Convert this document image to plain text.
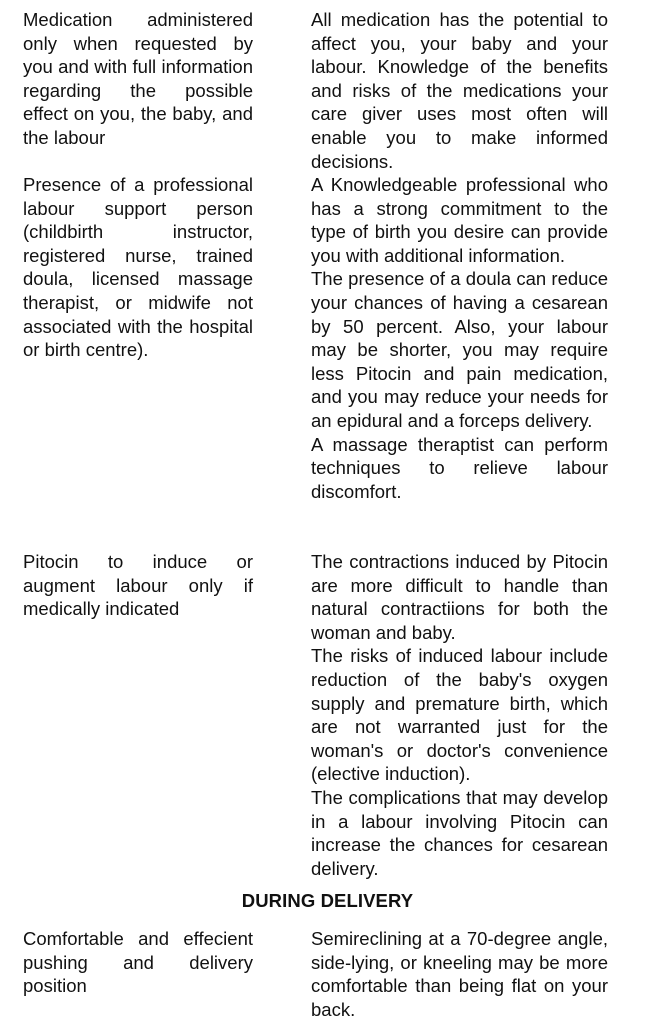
Medication administered only when requested by you and with full information regarding the possible effect on you, the baby, and the labour

All medication has the potential to affect you, your baby and your labour. Knowledge of the benefits and risks of the medications your care giver uses most often will enable you to make informed decisions.

Presence of a professional labour support person (childbirth instructor, registered nurse, trained doula, licensed massage therapist, or midwife not associated with the hospital or birth centre).

A Knowledgeable professional who has a strong commitment to the type of birth you desire can provide you with additional information.

The presence of a doula can reduce your chances of having a cesarean by 50 percent. Also, your labour may be shorter, you may require less Pitocin and pain medication, and you may reduce your needs for an epidural and a forceps delivery.

A massage theraptist can perform techniques to relieve labour discomfort.

Pitocin to induce or augment labour only if medically indicated

The contractions induced by Pitocin are more difficult to handle than natural contractiions for both the woman and baby.

The risks of induced labour include reduction of the baby's oxygen supply and premature birth, which are not warranted just for the woman's or doctor's convenience (elective induction).

The complications that may develop in a labour involving Pitocin can increase the chances for cesarean delivery.

DURING DELIVERY
Comfortable and effecient pushing and delivery position

Semireclining at a 70-degree angle, side-lying, or kneeling may be more comfortable than being flat on your back.
